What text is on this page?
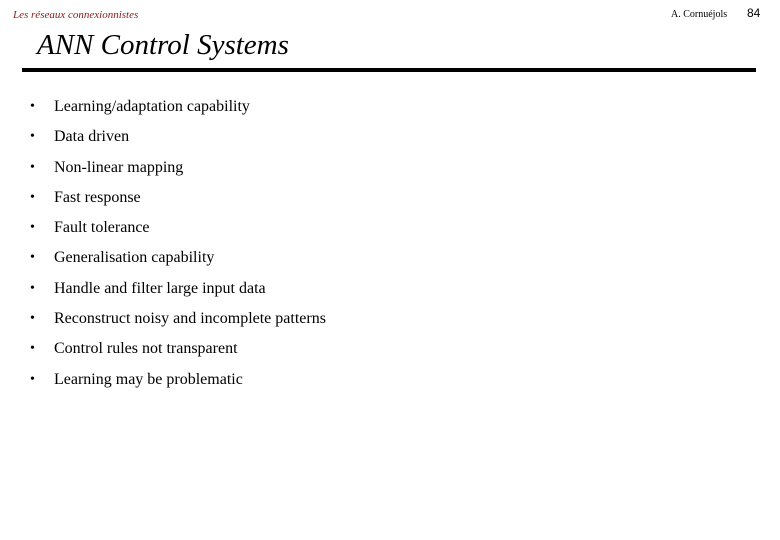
Les réseaux connexionnistes	A. Cornuéjols 84
ANN Control Systems
•	Learning/adaptation capability
•	Data driven
•	Non-linear mapping
•	Fast response
•	Fault tolerance
•	Generalisation capability
•	Handle and filter large input data
•	Reconstruct noisy and incomplete patterns
•	Control rules not transparent
•	Learning may be problematic
